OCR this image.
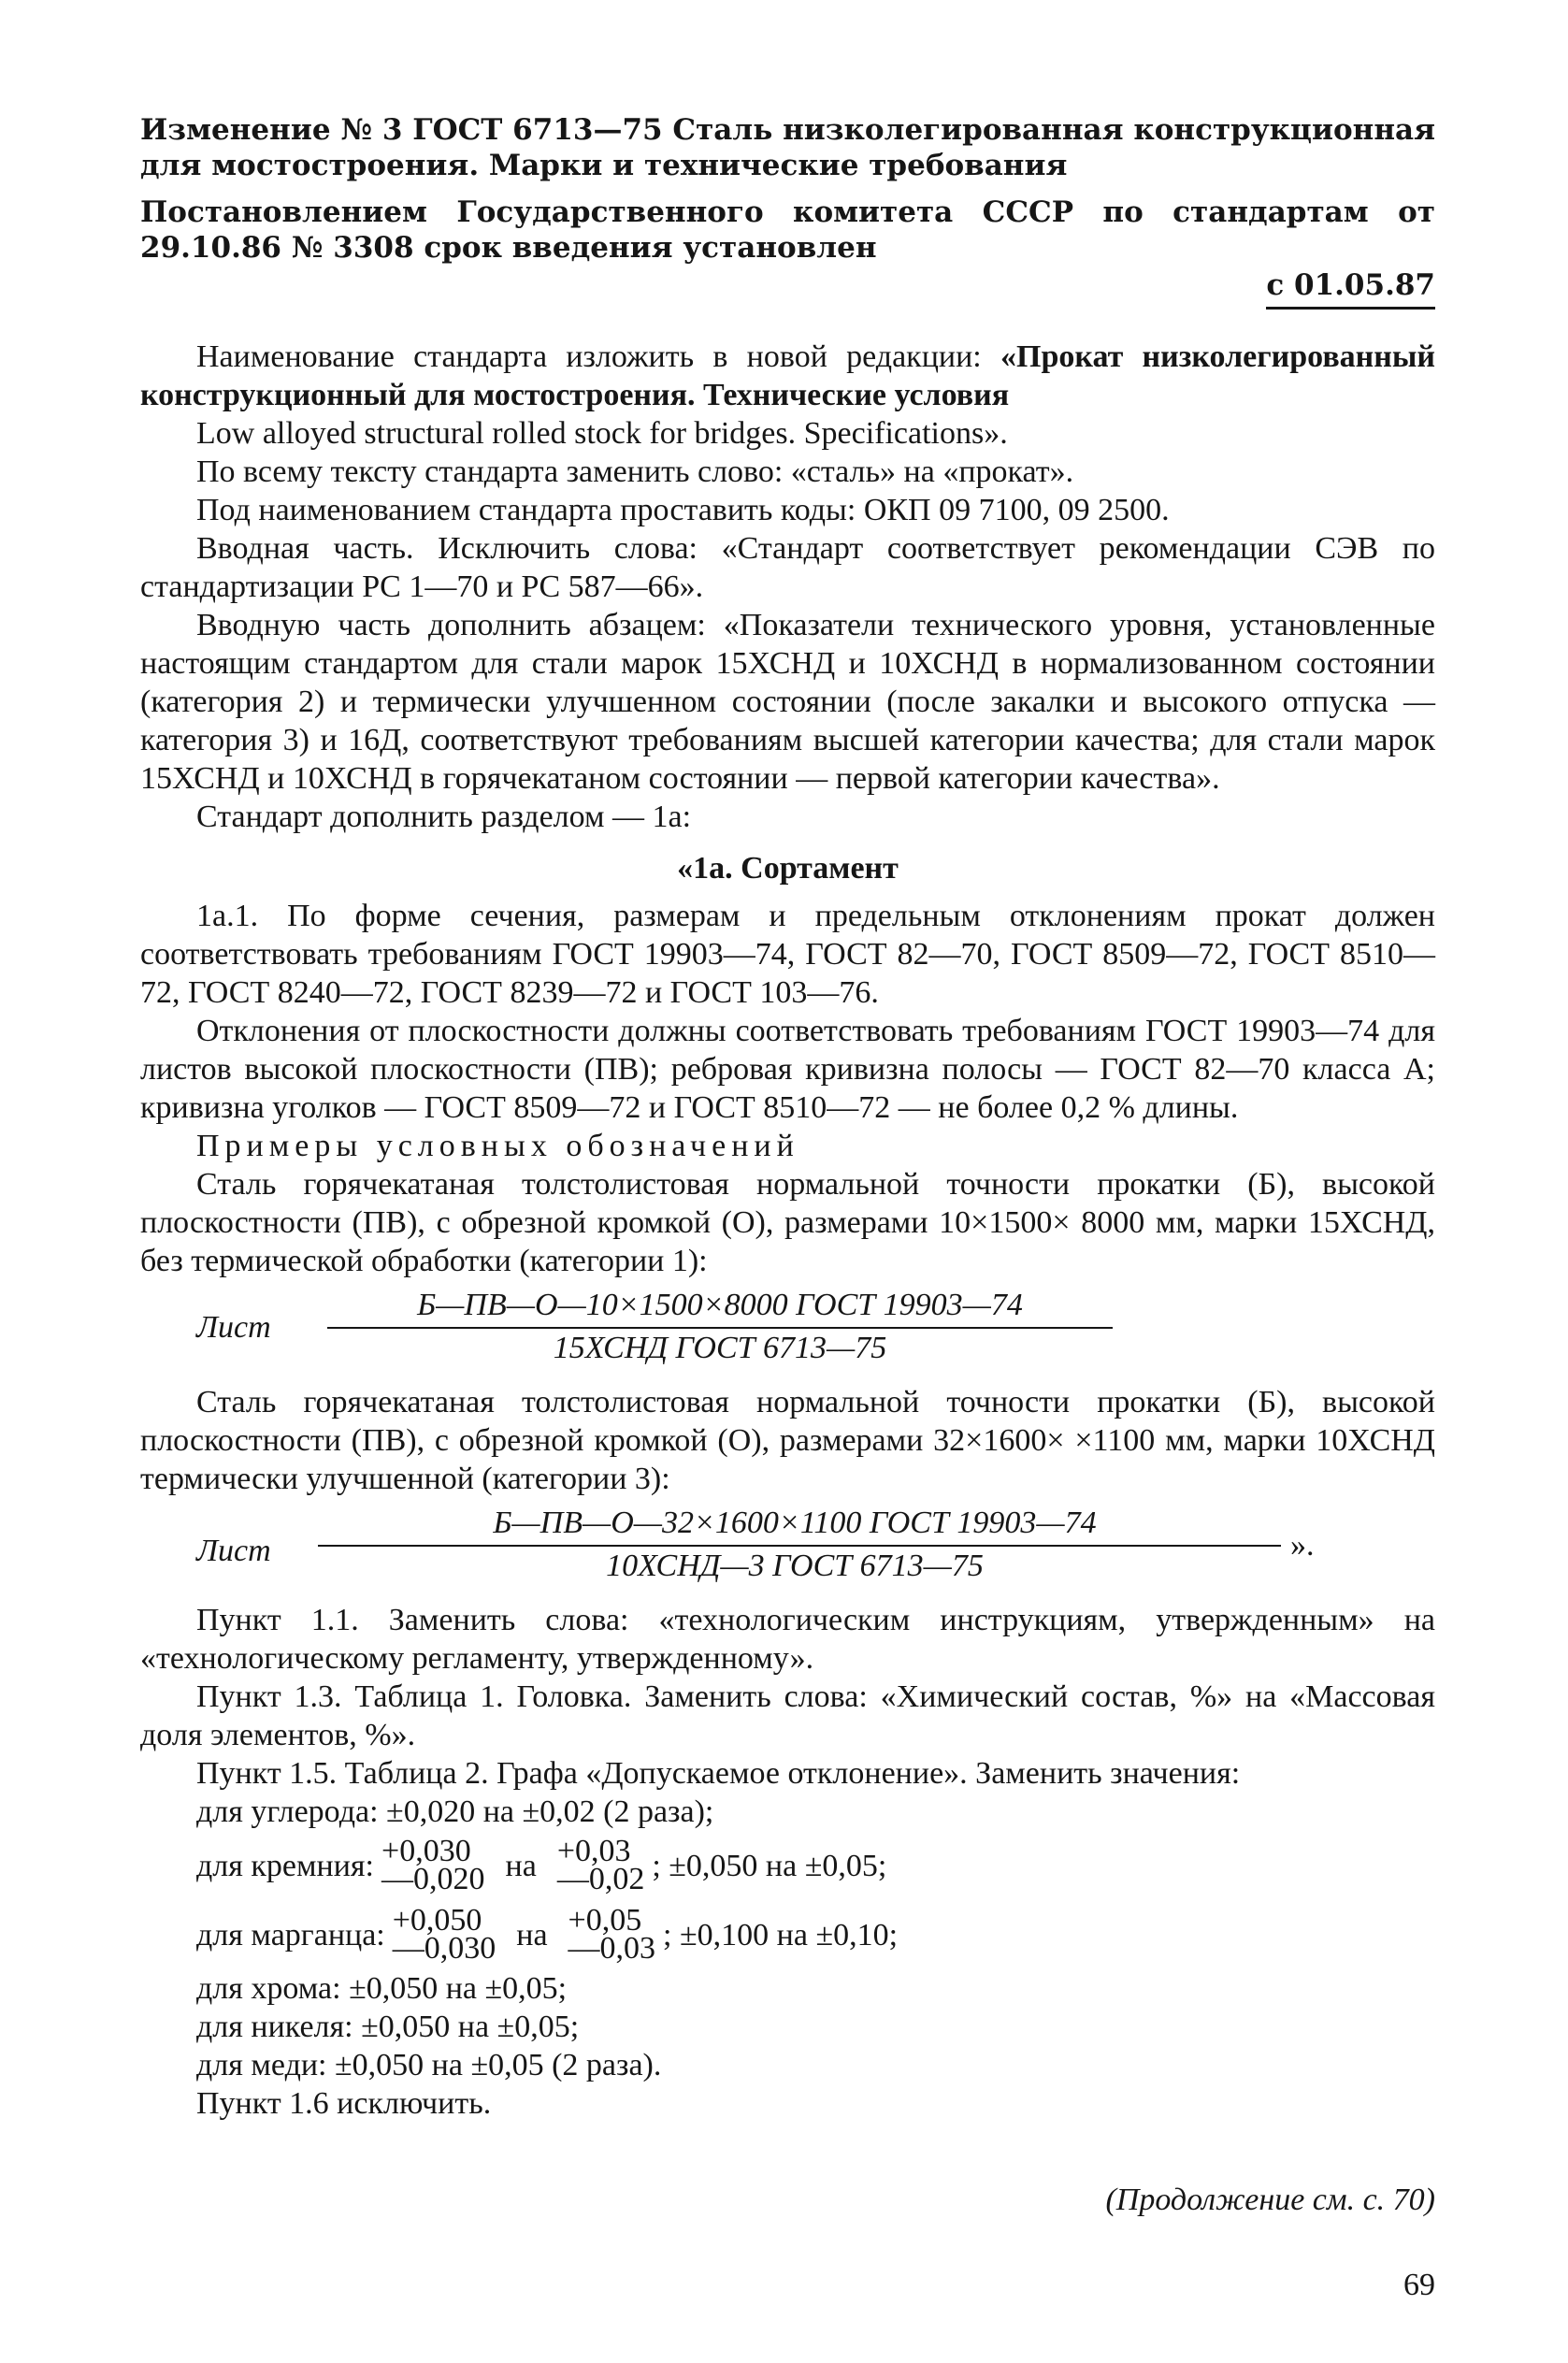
Изменение № 3 ГОСТ 6713—75 Сталь низколегированная конструкционная для мостостроения. Марки и технические требования
Постановлением Государственного комитета СССР по стандартам от 29.10.86 № 3308 срок введения установлен
с 01.05.87

Наименование стандарта изложить в новой редакции: «Прокат низколегированный конструкционный для мостостроения. Технические условия

Low alloyed structural rolled stock for bridges. Specifications».

По всему тексту стандарта заменить слово: «сталь» на «прокат».

Под наименованием стандарта проставить коды: ОКП 09 7100, 09 2500.

Вводная часть. Исключить слова: «Стандарт соответствует рекомендации СЭВ по стандартизации PC 1—70 и PC 587—66».

Вводную часть дополнить абзацем: «Показатели технического уровня, установленные настоящим стандартом для стали марок 15ХСНД и 10ХСНД в нормализованном состоянии (категория 2) и термически улучшенном состоянии (после закалки и высокого отпуска — категория 3) и 16Д, соответствуют требованиям высшей категории качества; для стали марок 15ХСНД и 10ХСНД в горячекатаном состоянии — первой категории качества».

Стандарт дополнить разделом — 1а:

«1а. Сортамент

1а.1. По форме сечения, размерам и предельным отклонениям прокат должен соответствовать требованиям ГОСТ 19903—74, ГОСТ 82—70, ГОСТ 8509—72, ГОСТ 8510—72, ГОСТ 8240—72, ГОСТ 8239—72 и ГОСТ 103—76.

Отклонения от плоскостности должны соответствовать требованиям ГОСТ 19903—74 для листов высокой плоскостности (ПВ); ребровая кривизна полосы — ГОСТ 82—70 класса А; кривизна уголков — ГОСТ 8509—72 и ГОСТ 8510—72 — не более 0,2 % длины.

Примеры условных обозначений

Сталь горячекатаная толстолистовая нормальной точности прокатки (Б), высокой плоскостности (ПВ), с обрезной кромкой (О), размерами 10×1500× 8000 мм, марки 15ХСНД, без термической обработки (категории 1):

Лист
Б—ПВ—О—10×1500×8000 ГОСТ 19903—74
15ХСНД ГОСТ 6713—75

Сталь горячекатаная толстолистовая нормальной точности прокатки (Б), высокой плоскостности (ПВ), с обрезной кромкой (О), размерами 32×1600× ×1100 мм, марки 10ХСНД термически улучшенной (категории 3):

Лист
Б—ПВ—О—32×1600×1100 ГОСТ 19903—74
10ХСНД—3 ГОСТ 6713—75
».

Пункт 1.1. Заменить слова: «технологическим инструкциям, утвержденным» на «технологическому регламенту, утвержденному».

Пункт 1.3. Таблица 1. Головка. Заменить слова: «Химический состав, %» на «Массовая доля элементов, %».

Пункт 1.5. Таблица 2. Графа «Допускаемое отклонение». Заменить значения:

для углерода: ±0,020 на ±0,02 (2 раза);
для кремния: +0,030
—0,020 на +0,03
—0,02 ; ±0,050 на ±0,05;
для марганца: +0,050
—0,030 на +0,05
—0,03 ; ±0,100 на ±0,10;
для хрома: ±0,050 на ±0,05;
для никеля: ±0,050 на ±0,05;
для меди: ±0,050 на ±0,05 (2 раза).

Пункт 1.6 исключить.

(Продолжение см. с. 70)
69
